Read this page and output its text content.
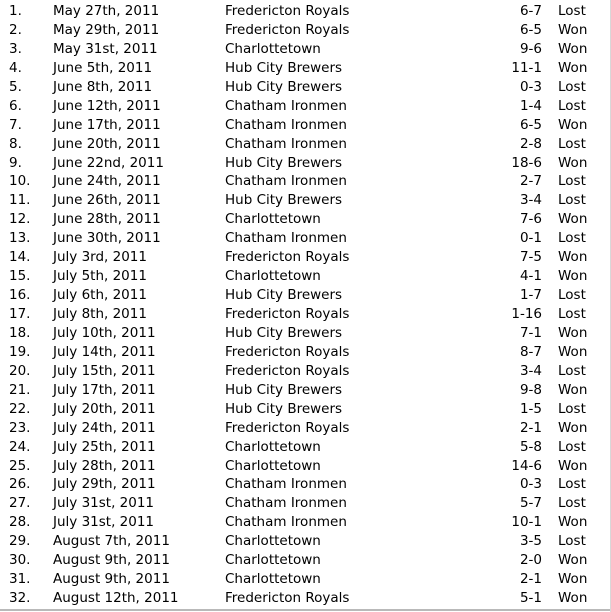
1. May 27th, 2011	Fredericton Royals	6-7 Lost
2. May 29th, 2011	Fredericton Royals	6-5 Won
3. May 31st, 2011	Charlottetown	9-6 Won
4. June 5th, 2011	Hub City Brewers	11-1 Won
5. June 8th, 2011	Hub City Brewers	0-3 Lost
6. June 12th, 2011	Chatham Ironmen	1-4 Lost
7. June 17th, 2011	Chatham Ironmen	6-5 Won
8. June 20th, 2011	Chatham Ironmen	2-8 Lost
9. June 22nd, 2011	Hub City Brewers	18-6 Won
10. June 24th, 2011	Chatham Ironmen	2-7 Lost
11. June 26th, 2011	Hub City Brewers	3-4 Lost
12. June 28th, 2011	Charlottetown	7-6 Won
13. June 30th, 2011	Chatham Ironmen	0-1 Lost
14. July 3rd, 2011	Fredericton Royals	7-5 Won
15. July 5th, 2011	Charlottetown	4-1 Won
16. July 6th, 2011	Hub City Brewers	1-7 Lost
17. July 8th, 2011	Fredericton Royals	1-16 Lost
18. July 10th, 2011	Hub City Brewers	7-1 Won
19. July 14th, 2011	Fredericton Royals	8-7 Won
20. July 15th, 2011	Fredericton Royals	3-4 Lost
21. July 17th, 2011	Hub City Brewers	9-8 Won
22. July 20th, 2011	Hub City Brewers	1-5 Lost
23. July 24th, 2011	Fredericton Royals	2-1 Won
24. July 25th, 2011	Charlottetown	5-8 Lost
25. July 28th, 2011	Charlottetown	14-6 Won
26. July 29th, 2011	Chatham Ironmen	0-3 Lost
27. July 31st, 2011	Chatham Ironmen	5-7 Lost
28. July 31st, 2011	Chatham Ironmen	10-1 Won
29. August 7th, 2011	Charlottetown	3-5 Lost
30. August 9th, 2011	Charlottetown	2-0 Won
31. August 9th, 2011	Charlottetown	2-1 Won
32. August 12th, 2011	Fredericton Royals	5-1 Won
